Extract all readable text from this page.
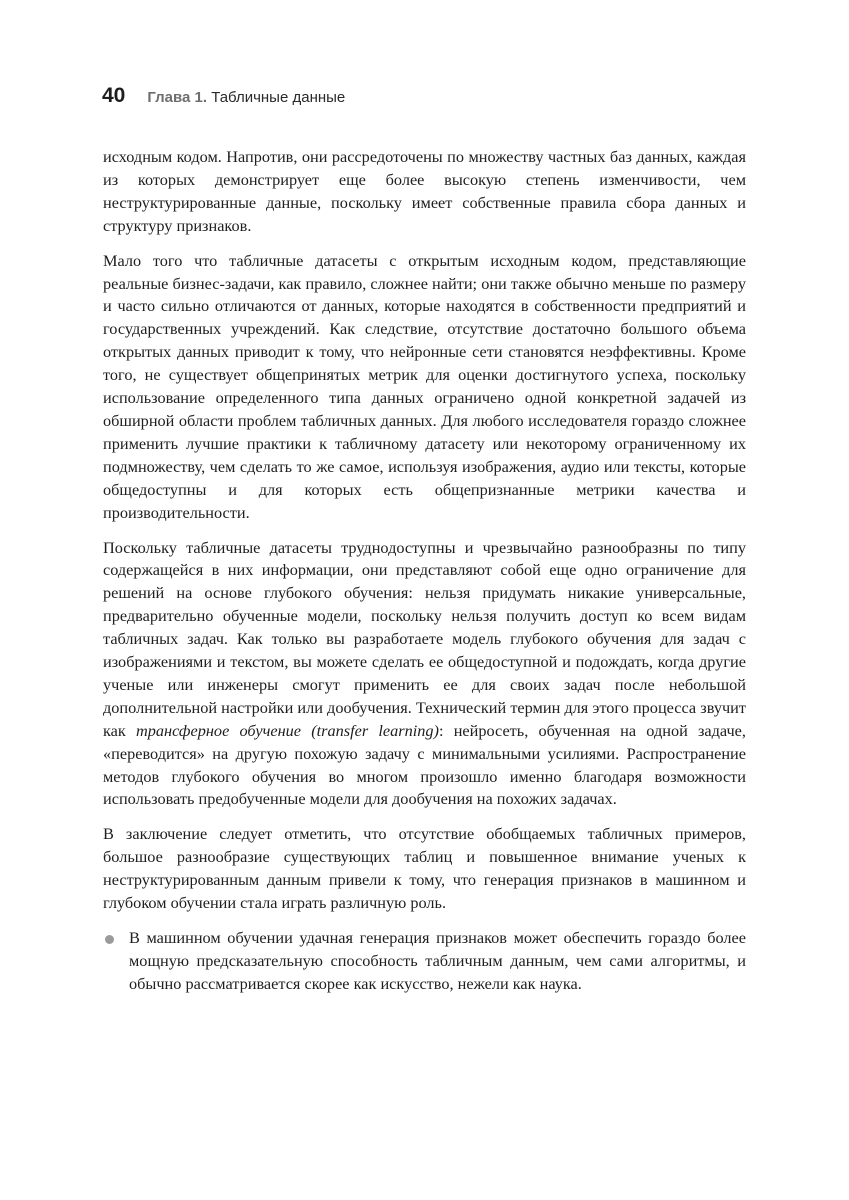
40 Глава 1. Табличные данные

исходным кодом. Напротив, они рассредоточены по множеству частных баз данных, каждая из которых демонстрирует еще более высокую степень изменчивости, чем неструктурированные данные, поскольку имеет собственные правила сбора данных и структуру признаков.

Мало того что табличные датасеты с открытым исходным кодом, представляющие реальные бизнес-задачи, как правило, сложнее найти; они также обычно меньше по размеру и часто сильно отличаются от данных, которые находятся в собственности предприятий и государственных учреждений. Как следствие, отсутствие достаточно большого объема открытых данных приводит к тому, что нейронные сети становятся неэффективны. Кроме того, не существует общепринятых метрик для оценки достигнутого успеха, поскольку использование определенного типа данных ограничено одной конкретной задачей из обширной области проблем табличных данных. Для любого исследователя гораздо сложнее применить лучшие практики к табличному датасету или некоторому ограниченному их подмножеству, чем сделать то же самое, используя изображения, аудио или тексты, которые общедоступны и для которых есть общепризнанные метрики качества и производительности.

Поскольку табличные датасеты труднодоступны и чрезвычайно разнообразны по типу содержащейся в них информации, они представляют собой еще одно ограничение для решений на основе глубокого обучения: нельзя придумать никакие универсальные, предварительно обученные модели, поскольку нельзя получить доступ ко всем видам табличных задач. Как только вы разработаете модель глубокого обучения для задач с изображениями и текстом, вы можете сделать ее общедоступной и подождать, когда другие ученые или инженеры смогут применить ее для своих задач после небольшой дополнительной настройки или дообучения. Технический термин для этого процесса звучит как трансферное обучение (transfer learning): нейросеть, обученная на одной задаче, «переводится» на другую похожую задачу с минимальными усилиями. Распространение методов глубокого обучения во многом произошло именно благодаря возможности использовать предобученные модели для дообучения на похожих задачах.

В заключение следует отметить, что отсутствие обобщаемых табличных примеров, большое разнообразие существующих таблиц и повышенное внимание ученых к неструктурированным данным привели к тому, что генерация признаков в машинном и глубоком обучении стала играть различную роль.

В машинном обучении удачная генерация признаков может обеспечить гораздо более мощную предсказательную способность табличным данным, чем сами алгоритмы, и обычно рассматривается скорее как искусство, нежели как наука.
